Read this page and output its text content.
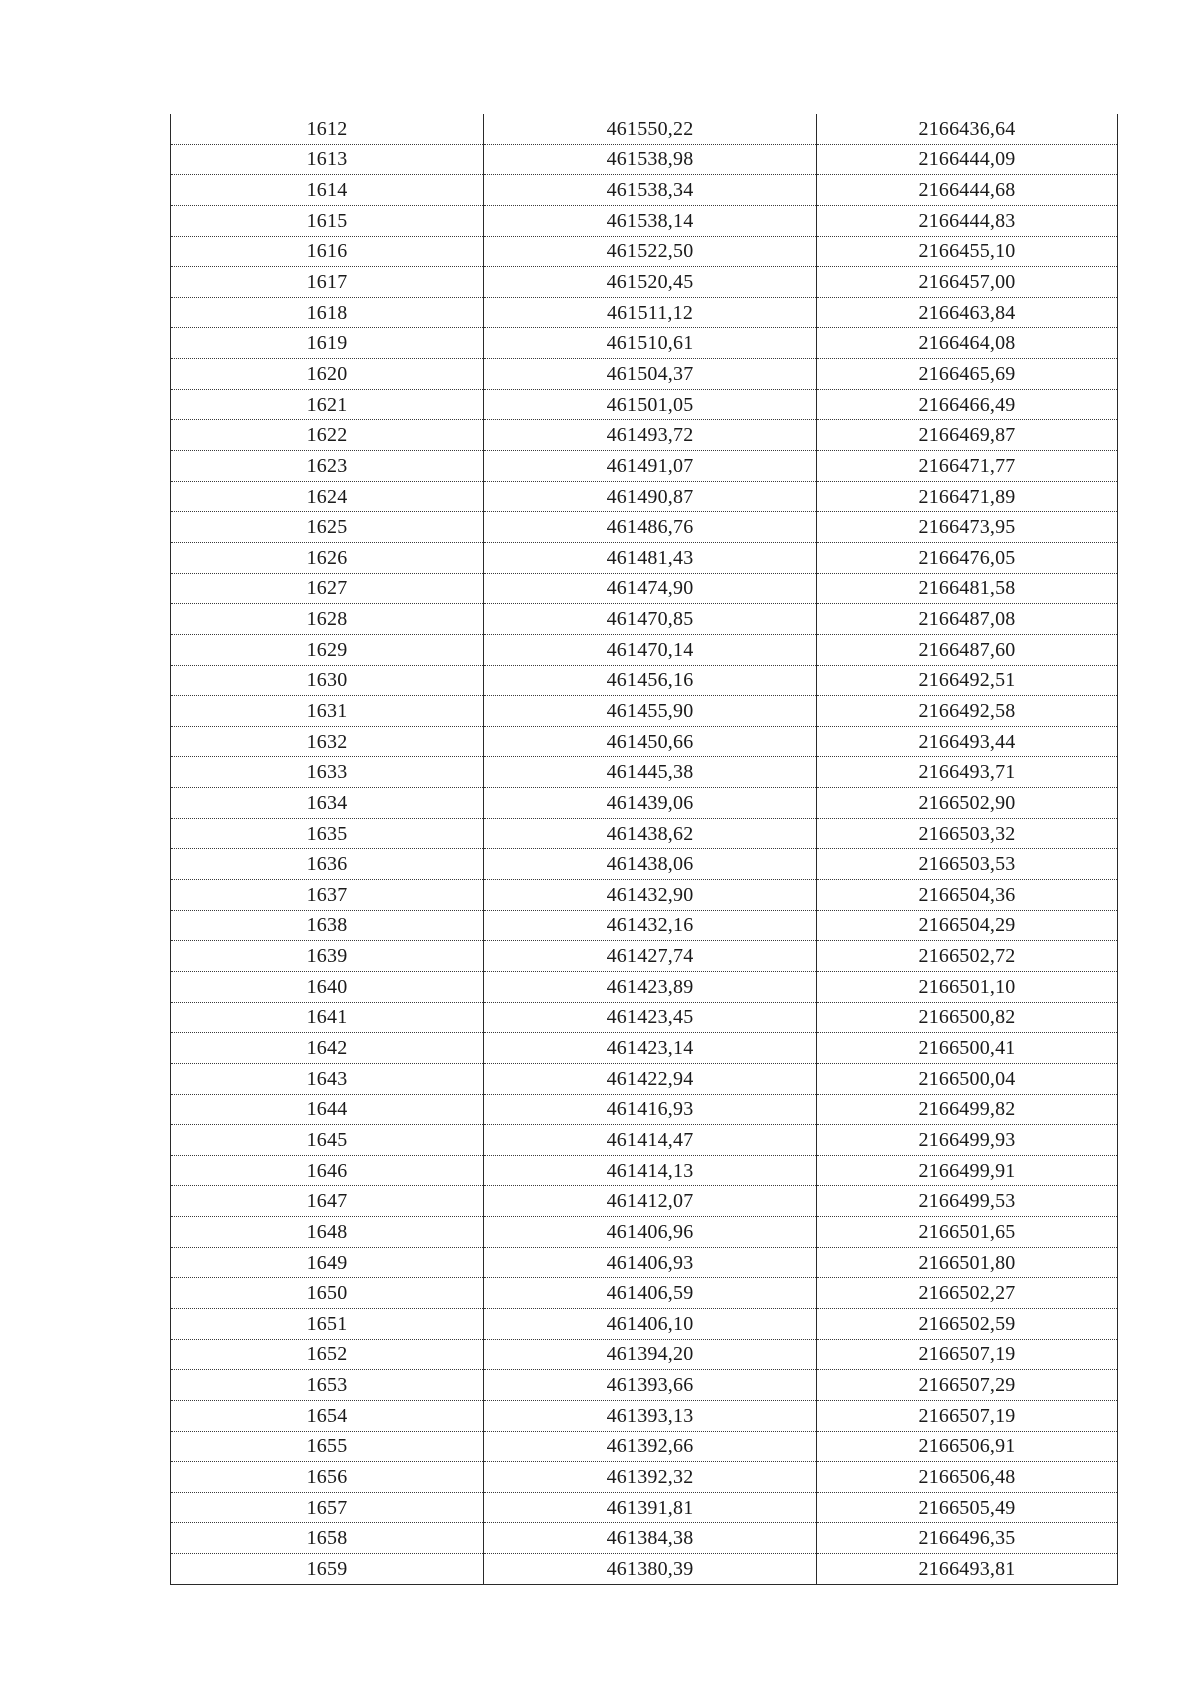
1612	461550,22	2166436,64
1613	461538,98	2166444,09
1614	461538,34	2166444,68
1615	461538,14	2166444,83
1616	461522,50	2166455,10
1617	461520,45	2166457,00
1618	461511,12	2166463,84
1619	461510,61	2166464,08
1620	461504,37	2166465,69
1621	461501,05	2166466,49
1622	461493,72	2166469,87
1623	461491,07	2166471,77
1624	461490,87	2166471,89
1625	461486,76	2166473,95
1626	461481,43	2166476,05
1627	461474,90	2166481,58
1628	461470,85	2166487,08
1629	461470,14	2166487,60
1630	461456,16	2166492,51
1631	461455,90	2166492,58
1632	461450,66	2166493,44
1633	461445,38	2166493,71
1634	461439,06	2166502,90
1635	461438,62	2166503,32
1636	461438,06	2166503,53
1637	461432,90	2166504,36
1638	461432,16	2166504,29
1639	461427,74	2166502,72
1640	461423,89	2166501,10
1641	461423,45	2166500,82
1642	461423,14	2166500,41
1643	461422,94	2166500,04
1644	461416,93	2166499,82
1645	461414,47	2166499,93
1646	461414,13	2166499,91
1647	461412,07	2166499,53
1648	461406,96	2166501,65
1649	461406,93	2166501,80
1650	461406,59	2166502,27
1651	461406,10	2166502,59
1652	461394,20	2166507,19
1653	461393,66	2166507,29
1654	461393,13	2166507,19
1655	461392,66	2166506,91
1656	461392,32	2166506,48
1657	461391,81	2166505,49
1658	461384,38	2166496,35
1659	461380,39	2166493,81
